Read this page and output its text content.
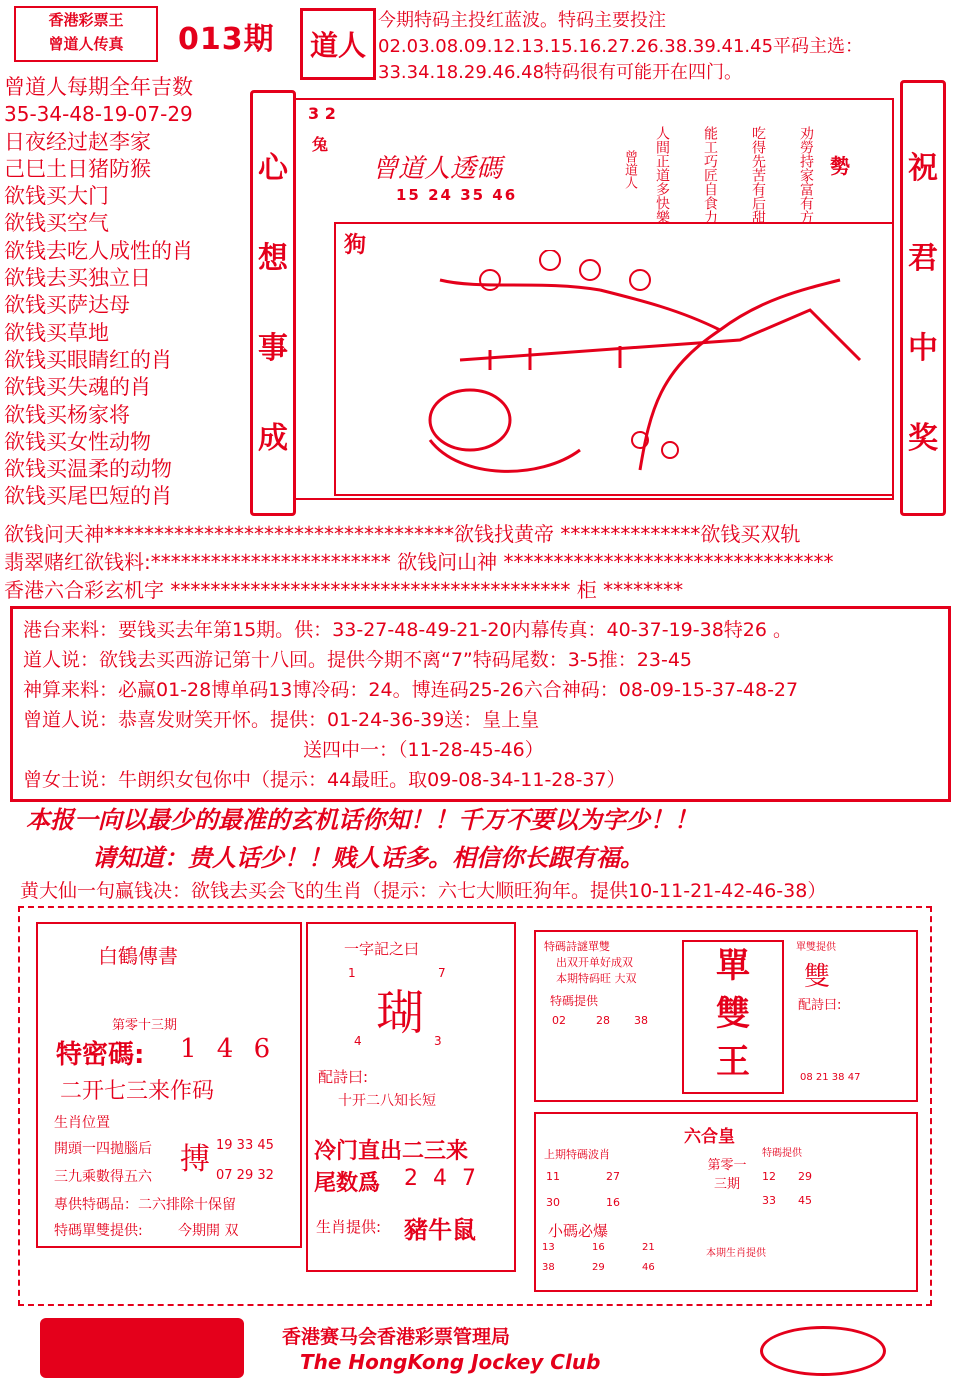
香港彩票王
曾道人传真	013期	道人
今期特码主投红蓝波。特码主要投注02.03.08.09.12.13.15.16.27.26.38.39.41.45平码主选：33.34.18.29.46.48特码很有可能开在四门。
曾道人每期全年吉数
35-34-48-19-07-29
日夜经过赵李家
己巳土日猪防猴
欲钱买大门
欲钱买空气
欲钱去吃人成性的肖
欲钱去买独立日
欲钱买萨达母
欲钱买草地
欲钱买眼睛红的肖
欲钱买失魂的肖
欲钱买杨家将
欲钱买女性动物
欲钱买温柔的动物
欲钱买尾巴短的肖
心
想
事
成
祝
君
中
奖
3 2
兔
曾道人透碼
15 24 35 46
曾道人 人間正道多快樂 能工巧匠自食力 吃得先苦有后甜 劝勞持家富有方 勢
狗
欲钱问天神***********************************欲钱找黄帝 **************欲钱买双轨
翡翠赌红欲钱料:************************ 欲钱问山神 *********************************
香港六合彩玄机字 **************************************** 柜 ********
港台来料：要钱买去年第15期。供：33-27-48-49-21-20内幕传真：40-37-19-38特26 。
道人说：欲钱去买西游记第十八回。提供今期不离“7”特码尾数：3-5推：23-45
神算来料：必赢01-28博单码13博冷码：24。博连码25-26六合神码：08-09-15-37-48-27
曾道人说：恭喜发财笑开怀。提供：01-24-36-39送：皇上皇
送四中一：（11-28-45-46）
曾女士说：牛朗织女包你中（提示：44最旺。取09-08-34-11-28-37）
本报一向以最少的最准的玄机话你知！！千万不要以为字少！！
请知道：贵人话少！！贱人话多。相信你长跟有福。
黄大仙一句赢钱决：欲钱去买会飞的生肖（提示：六七大顺旺狗年。提供10-11-21-42-46-38）
白鶴傳書
第零十三期
特密碼: 1 4 6
二开七三来作码
生肖位置
開頭一四拋腦后
三九乘數得五六
專供特碼品：二六排除十保留
搏 19 33 45
07 29 32
特碼單雙提供:	今期開 双
一字記之曰
1	7
瑚
4	3
配詩曰:
十开二八知长短
冷门直出二三来
尾数爲 2 4 7
生肖提供: 豬牛鼠
特碼詩謎單雙
出双开单好成双
本期特码旺 大双
特碼提供
02	28 38
單
雙
王
單雙提供
雙
配詩曰:
08 21 38 47
六合皇
上期特碼波肖
11	27
30	16
第零一三期
特碼提供
12 29
33 45
小碼必爆
13	16	21
38	29	46
本期生肖提供
香港赛马会香港彩票管理局
The HongKong Jockey Club
